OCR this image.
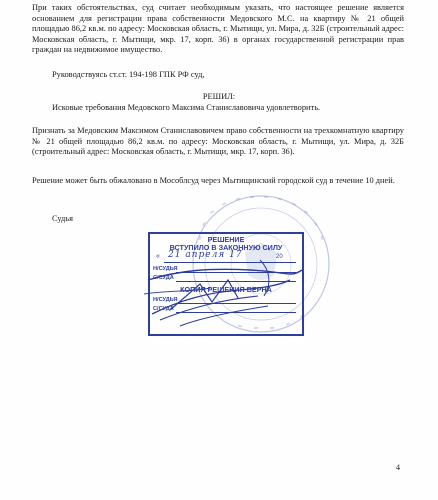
При таких обстоятельствах, суд считает необходимым указать, что настоящее решение является основанием для регистрации права собственности Медовского М.С. на квартиру № 21 общей площадью 86,2 кв.м. по адресу: Московская область, г. Мытищи, ул. Мира, д. 32Б (строительный адрес: Московская область, г. Мытищи, мкр. 17, корп. 36) в органах государственной регистрации прав граждан на недвижимое имущество.
Руководствуясь ст.ст. 194-198 ГПК РФ суд,
РЕШИЛ:
Исковые требования Медовского Максима Станиславовича удовлетворить.
Признать за Медовским Максимом Станиславовичем право собственности на трехкомнатную квартиру № 21 общей площадью 86,2 кв.м. по адресу: Московская область, г. Мытищи, ул. Мира, д. 32Б (строительный адрес: Московская область, г. Мытищи, мкр. 17, корп. 36).
Решение может быть обжаловано в Мособлсуд через Мытищинский городской суд в течение 10 дней.
Судья
РЕШЕНИЕ
ВСТУПИЛО В ЗАКОННУЮ СИЛУ
«	20
Н/СУДЬЯ
С/СУДА
КОПИЯ РЕШЕНИЯ ВЕРНА
Н/СУДЬЯ
С/СУДА
21 апреля 17
4
